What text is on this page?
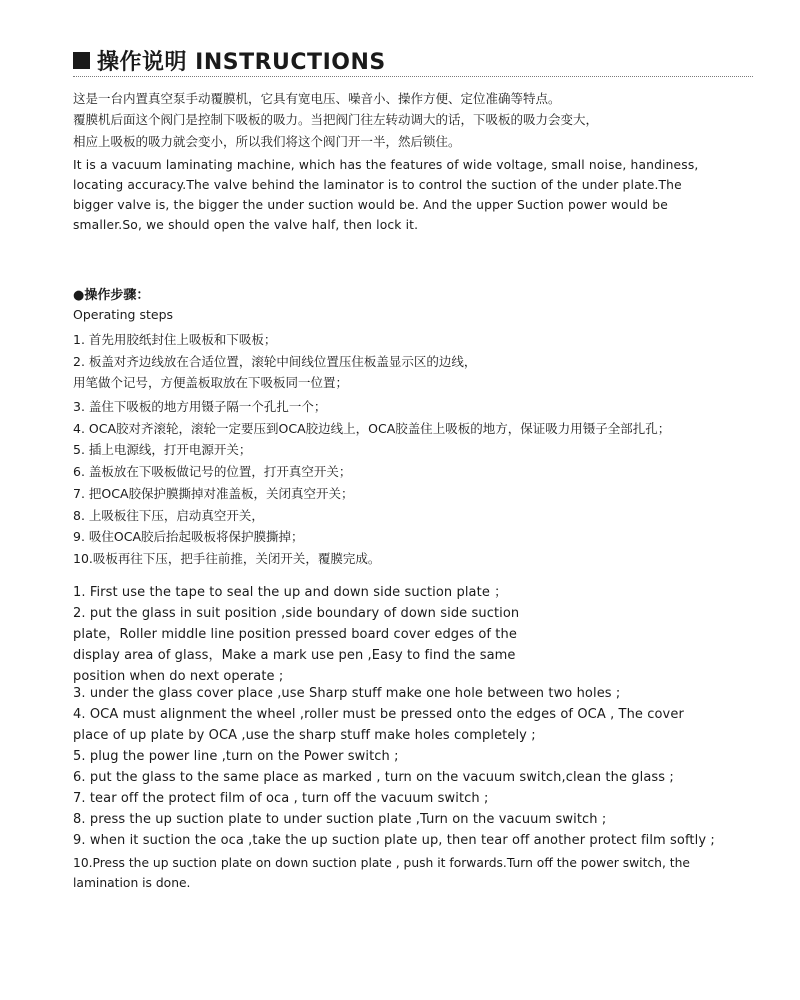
操作说明 INSTRUCTIONS
这是一台内置真空泵手动覆膜机，它具有宽电压、噪音小、操作方便、定位准确等特点。
覆膜机后面这个阀门是控制下吸板的吸力。当把阀门往左转动调大的话，下吸板的吸力会变大，
相应上吸板的吸力就会变小，所以我们将这个阀门开一半，然后锁住。
It is a vacuum laminating machine, which has the features of wide voltage, small noise, handiness,
locating accuracy.The valve behind the laminator is to control the suction of the under plate.The
bigger valve is, the bigger the under suction would be. And the upper Suction power would be
smaller.So, we should open the valve half, then lock it.
●操作步骤：
Operating steps
1. 首先用胶纸封住上吸板和下吸板；
2. 板盖对齐边线放在合适位置，滚轮中间线位置压住板盖显示区的边线，
用笔做个记号，方便盖板取放在下吸板同一位置；
3. 盖住下吸板的地方用镊子隔一个孔扎一个；
4. OCA胶对齐滚轮，滚轮一定要压到OCA胶边线上，OCA胶盖住上吸板的地方，保证吸力用镊子全部扎孔；
5. 插上电源线，打开电源开关；
6. 盖板放在下吸板做记号的位置，打开真空开关；
7. 把OCA胶保护膜撕掉对准盖板，关闭真空开关；
8. 上吸板往下压，启动真空开关，
9. 吸住OCA胶后抬起吸板将保护膜撕掉；
10.吸板再往下压，把手往前推，关闭开关，覆膜完成。
1. First use the tape to seal the up and down side suction plate ；
2. put the glass in suit position ,side boundary of down side suction
plate，Roller middle line position pressed board cover edges of the
display area of glass，Make a mark use pen ,Easy to find the same
position when do next operate ;
3. under the glass cover place ,use Sharp stuff make one hole between two holes ;
4. OCA must alignment the wheel ,roller must be pressed onto the edges of OCA , The cover
place of up plate by OCA ,use the sharp stuff make holes completely ;
5. plug the power line ,turn on the Power switch ;
6. put the glass to the same place as marked , turn on the vacuum switch,clean the glass ;
7. tear off the protect film of oca , turn off the vacuum switch ;
8. press the up suction plate to under suction plate ,Turn on the vacuum switch ;
9. when it suction the oca ,take the up suction plate up, then tear off another protect film softly ;
10.Press the up suction plate on down suction plate , push it forwards.Turn off the power switch, the
lamination is done.
